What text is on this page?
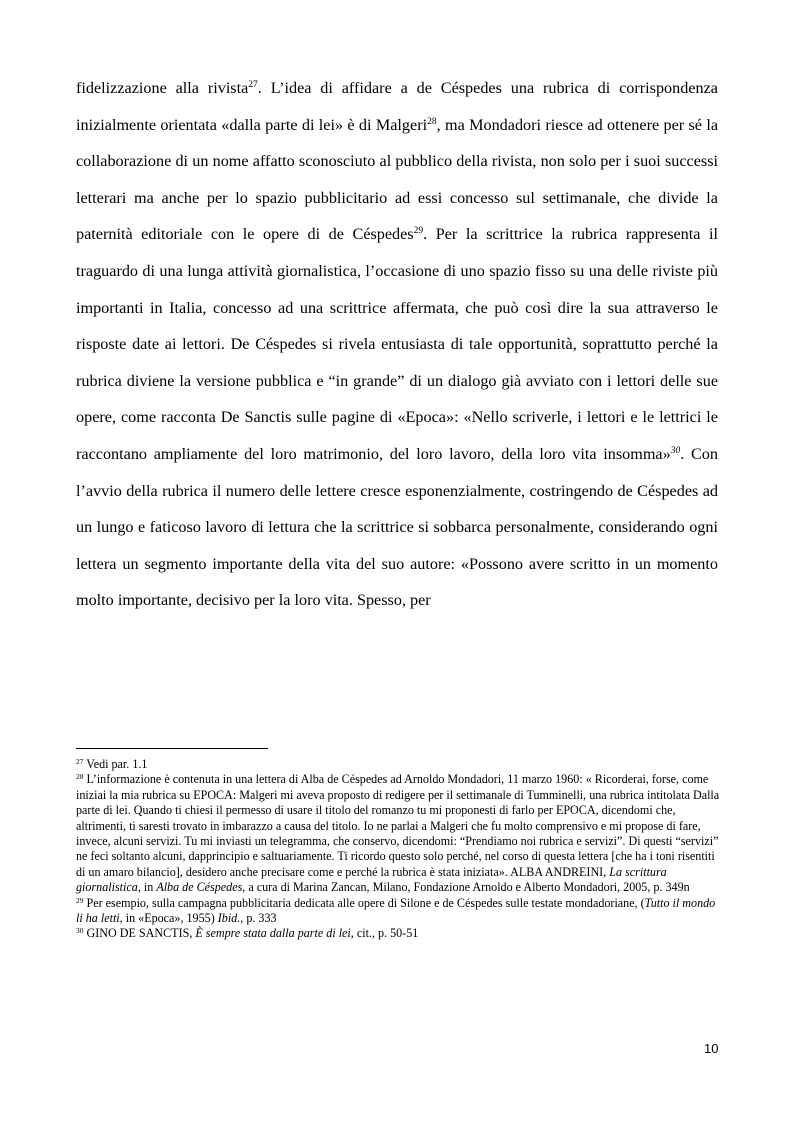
fidelizzazione alla rivista$^{27}$. L’idea di affidare a de Céspedes una rubrica di corrispondenza inizialmente orientata «dalla parte di lei» è di Malgeri$^{28}$, ma Mondadori riesce ad ottenere per sé la collaborazione di un nome affatto sconosciuto al pubblico della rivista, non solo per i suoi successi letterari ma anche per lo spazio pubblicitario ad essi concesso sul settimanale, che divide la paternità editoriale con le opere di de Céspedes$^{29}$. Per la scrittrice la rubrica rappresenta il traguardo di una lunga attività giornalistica, l’occasione di uno spazio fisso su una delle riviste più importanti in Italia, concesso ad una scrittrice affermata, che può così dire la sua attraverso le risposte date ai lettori. De Céspedes si rivela entusiasta di tale opportunità, soprattutto perché la rubrica diviene la versione pubblica e “in grande” di un dialogo già avviato con i lettori delle sue opere, come racconta De Sanctis sulle pagine di «Epoca»: «Nello scriverle, i lettori e le lettrici le raccontano ampliamente del loro matrimonio, del loro lavoro, della loro vita insomma»$^{30}$. Con l’avvio della rubrica il numero delle lettere cresce esponenzialmente, costringendo de Céspedes ad un lungo e faticoso lavoro di lettura che la scrittrice si sobbarca personalmente, considerando ogni lettera un segmento importante della vita del suo autore: «Possono avere scritto in un momento molto importante, decisivo per la loro vita. Spesso, per

$^{27}$ Vedi par. 1.1

$^{28}$ L’informazione è contenuta in una lettera di Alba de Céspedes ad Arnoldo Mondadori, 11 marzo 1960: « Ricorderai, forse, come iniziai la mia rubrica su EPOCA: Malgeri mi aveva proposto di redigere per il settimanale di Tumminelli, una rubrica intitolata Dalla parte di lei. Quando ti chiesi il permesso di usare il titolo del romanzo tu mi proponesti di farlo per EPOCA, dicendomi che, altrimenti, ti saresti trovato in imbarazzo a causa del titolo. Io ne parlai a Malgeri che fu molto comprensivo e mi propose di fare, invece, alcuni servizi. Tu mi inviasti un telegramma, che conservo, dicendomi: “Prendiamo noi rubrica e servizi”. Di questi “servizi” ne feci soltanto alcuni, dapprincipio e saltuariamente. Ti ricordo questo solo perché, nel corso di questa lettera [che ha i toni risentiti di un amaro bilancio], desidero anche precisare come e perché la rubrica è stata iniziata». ALBA ANDREINI, La scrittura giornalistica, in Alba de Céspedes, a cura di Marina Zancan, Milano, Fondazione Arnoldo e Alberto Mondadori, 2005, p. 349n

$^{29}$ Per esempio, sulla campagna pubblicitaria dedicata alle opere di Silone e de Céspedes sulle testate mondadoriane, (Tutto il mondo li ha letti, in «Epoca», 1955) Ibid., p. 333

$^{30}$ GINO DE SANCTIS, È sempre stata dalla parte di lei, cit., p. 50-51

10
